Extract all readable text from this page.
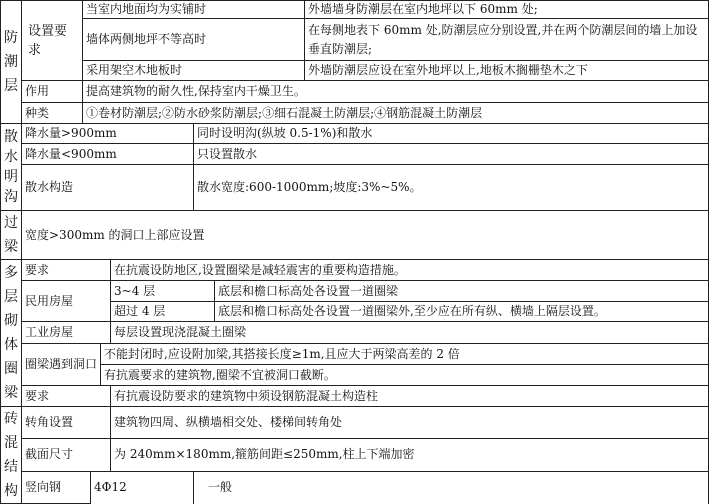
防潮层	设置要求	当室内地面均为实铺时						外墙墙身防潮层在室内地坪以下 60mm 处;
		墙体两侧地坪不等高时						在每侧地表下 60mm 处,防潮层应分别设置,并在两个防潮层间的墙上加设垂直防潮层;
		采用架空木地板时						外墙防潮层应设在室外地坪以上,地板木搁栅垫木之下
	作用	提高建筑物的耐久性,保持室内干燥卫生。						
	种类	①卷材防潮层;②防水砂浆防潮层;③细石混凝土防潮层;④钢筋混凝土防潮层						
散水明沟	降水量>900mm					同时设明沟(纵坡 0.5-1%)和散水		
	降水量<900mm					只设置散水		
	散水构造					散水宽度:600-1000mm;坡度:3%~5%。		
过梁	宽度>300mm 的洞口上部应设置							
多层砌体圈梁	要求				在抗震设防地区,设置圈梁是减轻震害的重要构造措施。			
	民用房屋				3~4 层		底层和檐口标高处各设置一道圈梁	
					超过 4 层		底层和檐口标高处各设置一道圈梁外,至少应在所有纵、横墙上隔层设置。	
	工业房屋				每层设置现浇混凝土圈梁			
	圈梁遇到洞口			不能封闭时,应设附加梁,其搭接长度≥1m,且应大于两梁高差的 2 倍				
				有抗震要求的建筑物,圈梁不宜被洞口截断。				
	要求				有抗震设防要求的建筑物中须设钢筋混凝土构造柱			
砖混结构	转角设置				建筑物四周、纵横墙相交处、楼梯间转角处			
	截面尺寸				为 240mm×180mm,箍筋间距≤250mm,柱上下端加密			
	竖向钢		4Φ12			一般		
